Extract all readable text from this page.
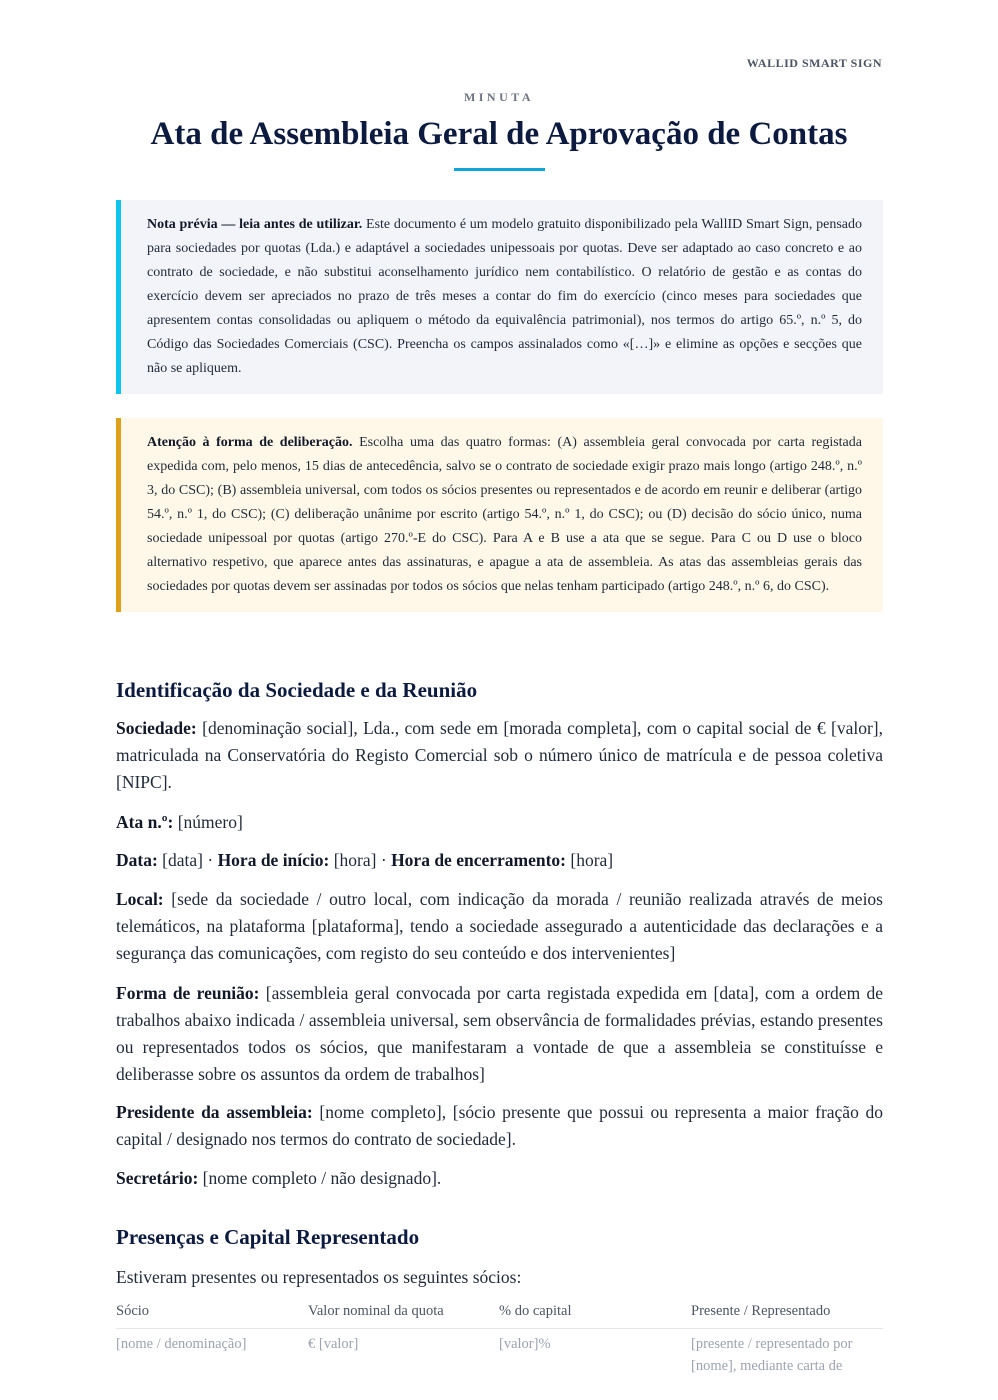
WALLID SMART SIGN
MINUTA
Ata de Assembleia Geral de Aprovação de Contas
Nota prévia — leia antes de utilizar. Este documento é um modelo gratuito disponibilizado pela WallID Smart Sign, pensado para sociedades por quotas (Lda.) e adaptável a sociedades unipessoais por quotas. Deve ser adaptado ao caso concreto e ao contrato de sociedade, e não substitui aconselhamento jurídico nem contabilístico. O relatório de gestão e as contas do exercício devem ser apreciados no prazo de três meses a contar do fim do exercício (cinco meses para sociedades que apresentem contas consolidadas ou apliquem o método da equivalência patrimonial), nos termos do artigo 65.º, n.º 5, do Código das Sociedades Comerciais (CSC). Preencha os campos assinalados como «[…]» e elimine as opções e secções que não se apliquem.
Atenção à forma de deliberação. Escolha uma das quatro formas: (A) assembleia geral convocada por carta registada expedida com, pelo menos, 15 dias de antecedência, salvo se o contrato de sociedade exigir prazo mais longo (artigo 248.º, n.º 3, do CSC); (B) assembleia universal, com todos os sócios presentes ou representados e de acordo em reunir e deliberar (artigo 54.º, n.º 1, do CSC); (C) deliberação unânime por escrito (artigo 54.º, n.º 1, do CSC); ou (D) decisão do sócio único, numa sociedade unipessoal por quotas (artigo 270.º-E do CSC). Para A e B use a ata que se segue. Para C ou D use o bloco alternativo respetivo, que aparece antes das assinaturas, e apague a ata de assembleia. As atas das assembleias gerais das sociedades por quotas devem ser assinadas por todos os sócios que nelas tenham participado (artigo 248.º, n.º 6, do CSC).
Identificação da Sociedade e da Reunião

Sociedade: [denominação social], Lda., com sede em [morada completa], com o capital social de € [valor], matriculada na Conservatória do Registo Comercial sob o número único de matrícula e de pessoa coletiva [NIPC].

Ata n.º: [número]

Data: [data] · Hora de início: [hora] · Hora de encerramento: [hora]

Local: [sede da sociedade / outro local, com indicação da morada / reunião realizada através de meios telemáticos, na plataforma [plataforma], tendo a sociedade assegurado a autenticidade das declarações e a segurança das comunicações, com registo do seu conteúdo e dos intervenientes]

Forma de reunião: [assembleia geral convocada por carta registada expedida em [data], com a ordem de trabalhos abaixo indicada / assembleia universal, sem observância de formalidades prévias, estando presentes ou representados todos os sócios, que manifestaram a vontade de que a assembleia se constituísse e deliberasse sobre os assuntos da ordem de trabalhos]

Presidente da assembleia: [nome completo], [sócio presente que possui ou representa a maior fração do capital / designado nos termos do contrato de sociedade].

Secretário: [nome completo / não designado].

Presenças e Capital Representado

Estiveram presentes ou representados os seguintes sócios:

Sócio	Valor nominal da quota	% do capital	Presente / Representado
[nome / denominação]	€ [valor]	[valor]%	[presente / representado por [nome], mediante carta de
